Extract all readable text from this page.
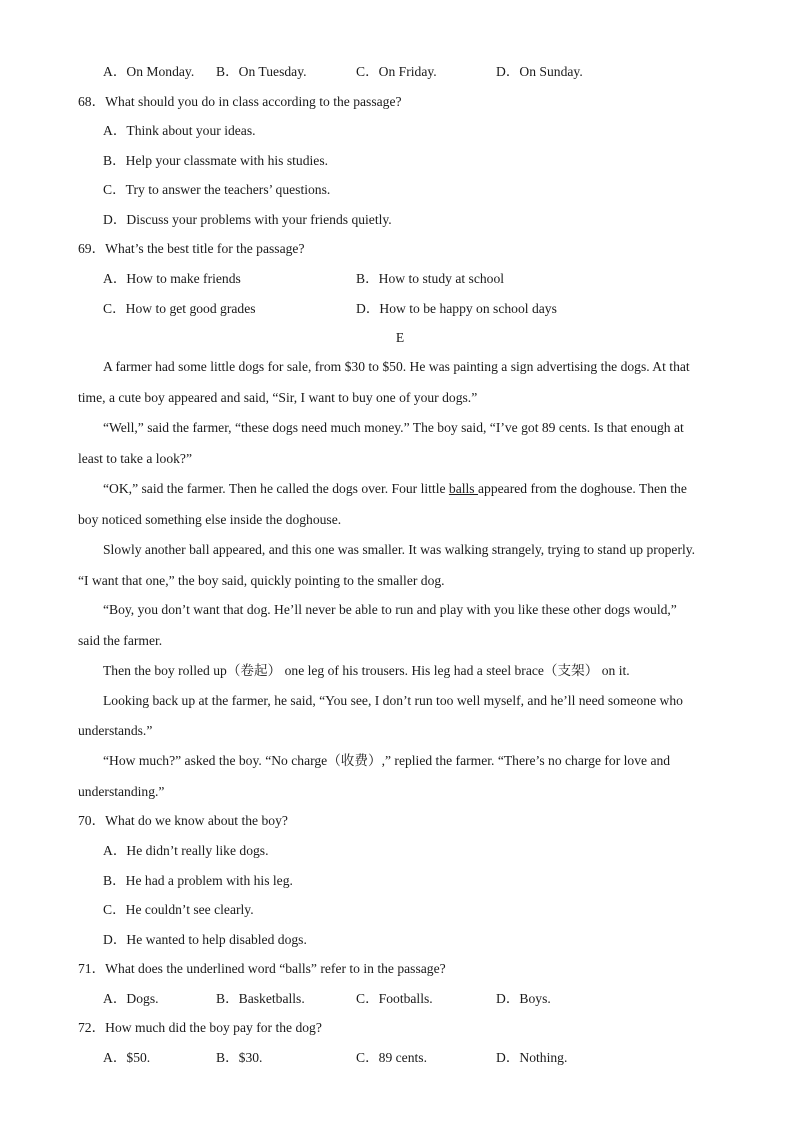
A．On Monday. B．On Tuesday.	C．On Friday.	D．On Sunday.
68．What should you do in class according to the passage?
A．Think about your ideas.
B．Help your classmate with his studies.
C．Try to answer the teachers’ questions.
D．Discuss your problems with your friends quietly.
69．What’s the best title for the passage?
A．How to make friends	B．How to study at school
C．How to get good grades	D．How to be happy on school days
E
A farmer had some little dogs for sale, from $30 to $50. He was painting a sign advertising the dogs. At that
time, a cute boy appeared and said, “Sir, I want to buy one of your dogs.”
“Well,” said the farmer, “these dogs need much money.” The boy said, “I’ve got 89 cents. Is that enough at
least to take a look?”
“OK,” said the farmer. Then he called the dogs over. Four little balls appeared from the doghouse. Then the
boy noticed something else inside the doghouse.
Slowly another ball appeared, and this one was smaller. It was walking strangely, trying to stand up properly.
“I want that one,” the boy said, quickly pointing to the smaller dog.
“Boy, you don’t want that dog. He’ll never be able to run and play with you like these other dogs would,”
said the farmer.
Then the boy rolled up（卷起） one leg of his trousers. His leg had a steel brace（支架） on it.
Looking back up at the farmer, he said, “You see, I don’t run too well myself, and he’ll need someone who
understands.”
“How much?” asked the boy. “No charge（收费）,” replied the farmer. “There’s no charge for love and
understanding.”
70．What do we know about the boy?
A．He didn’t really like dogs.
B．He had a problem with his leg.
C．He couldn’t see clearly.
D．He wanted to help disabled dogs.
71．What does the underlined word “balls” refer to in the passage?
A．Dogs.	B．Basketballs.	C．Footballs.	D．Boys.
72．How much did the boy pay for the dog?
A．$50.	B．$30.	C．89 cents.	D．Nothing.
